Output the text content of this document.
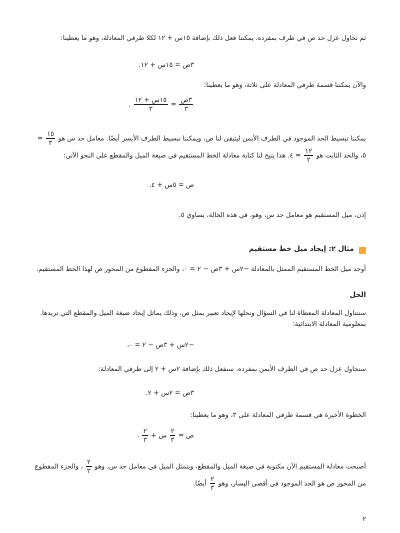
ثم نحاول عزل حد ص في طرف بمفرده. يمكننا فعل ذلك بإضافة ١٥س + ١٢ لكلا طرفي المعادلة، وهو ما يعطينا:
٣ص = ١٥س + ١٢.
والآن يمكننا قسمة طرفي المعادلة على ثلاثة، وهو ما يعطينا:
$\frac{\text{٣ص}}{٣}$
=
$\frac{\text{١٥س + ١٢}}{٣}$
.
يمكننا تبسيط الحد الموجود في الطرف الأيمن ليتبقى لنا ص، ويمكننا تبسيط الطرف الأيسر أيضًا. معامل حد س هو
$\frac{١٥}{٣}$
= ٥، والحد الثابت هو
$\frac{١٢}{٣}$
= ٤. هذا يتيح لنا كتابة معادلة الخط المستقيم في صيغة الميل والمقطع على النحو الآتي:
ص = ٥س + ٤.
إذن، ميل المستقيم هو معامل حد س، وهو، في هذه الحالة، يساوي ٥.
مثال ٢: إيجاد ميل خط مستقيم
أوجد ميل الخط المستقيم الممثل بالمعادلة −٢س + ٣ص − ٢ = ٠، والجزء المقطوع من المحور ص لهذا الخط المستقيم.
الحل
سنتناول المعادلة المعطاة لنا في السؤال ونحلها لإيجاد تعبير يمثل ص، وذلك يماثل إيجاد صيغة الميل والمقطع التي تريدها. بمعلومية المعادلة الابتدائية:
−٢س + ٣ص − ٢ = ٠،
سنحاول عزل حد ص في الطرف الأيمن بمفرده. سنفعل ذلك بإضافة ٢س + ٢ إلى طرفي المعادلة:
٣ص = ٢س + ٢.
الخطوة الأخيرة هي قسمة طرفي المعادلة على ٣، وهو ما يعطينا:
ص =
$\frac{٢}{٣}$
س +
$\frac{٢}{٣}$
.
أصبحت معادلة المستقيم الآن مكتوبة في صيغة الميل والمقطع، ويتمثل الميل في معامل حد س، وهو
$\frac{٢}{٣}$
، والجزء المقطوع من المحور ص هو الحد الموجود في أقصى اليسار، وهو
$\frac{٢}{٣}$
أيضًا.
٢
